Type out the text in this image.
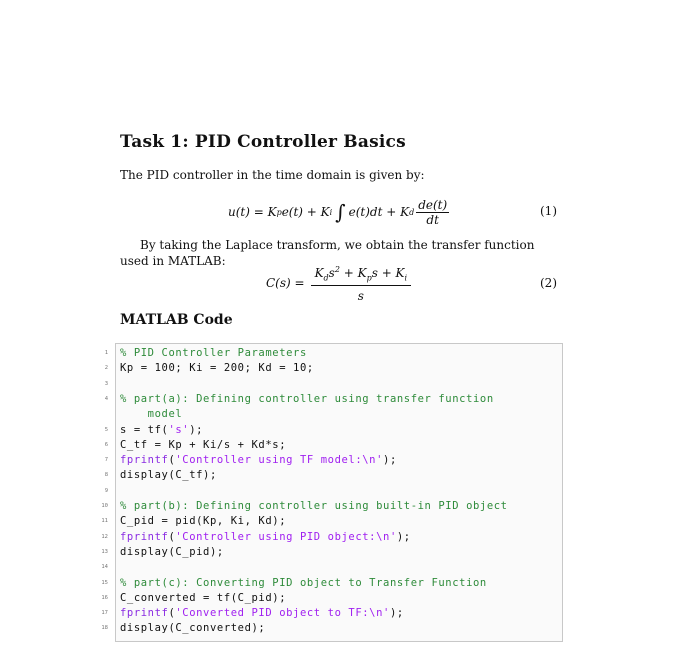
Task 1: PID Controller Basics
The PID controller in the time domain is given by:
u(t) = K p e(t) + K i ∫ e(t)dt + K d $\frac{de(t)}{dt}$	(1)
By taking the Laplace transform, we obtain the transfer function used in MATLAB:
$C(s) = \frac{K_ds^2 + K_ps + K_i}{s}$	(2)
MATLAB Code
1 % PID Controller Parameters
2 Kp = 100; Ki = 200; Kd = 10;
3
4 % part(a): Defining controller using transfer function
model
5 s = tf('s');
6 C_tf = Kp + Ki/s + Kd*s;
7 fprintf('Controller using TF model:\n');
8 display(C_tf);
9
10 % part(b): Defining controller using built-in PID object
11 C_pid = pid(Kp, Ki, Kd);
12 fprintf('Controller using PID object:\n');
13 display(C_pid);
14
15 % part(c): Converting PID object to Transfer Function
16 C_converted = tf(C_pid);
17 fprintf('Converted PID object to TF:\n');
18 display(C_converted);
